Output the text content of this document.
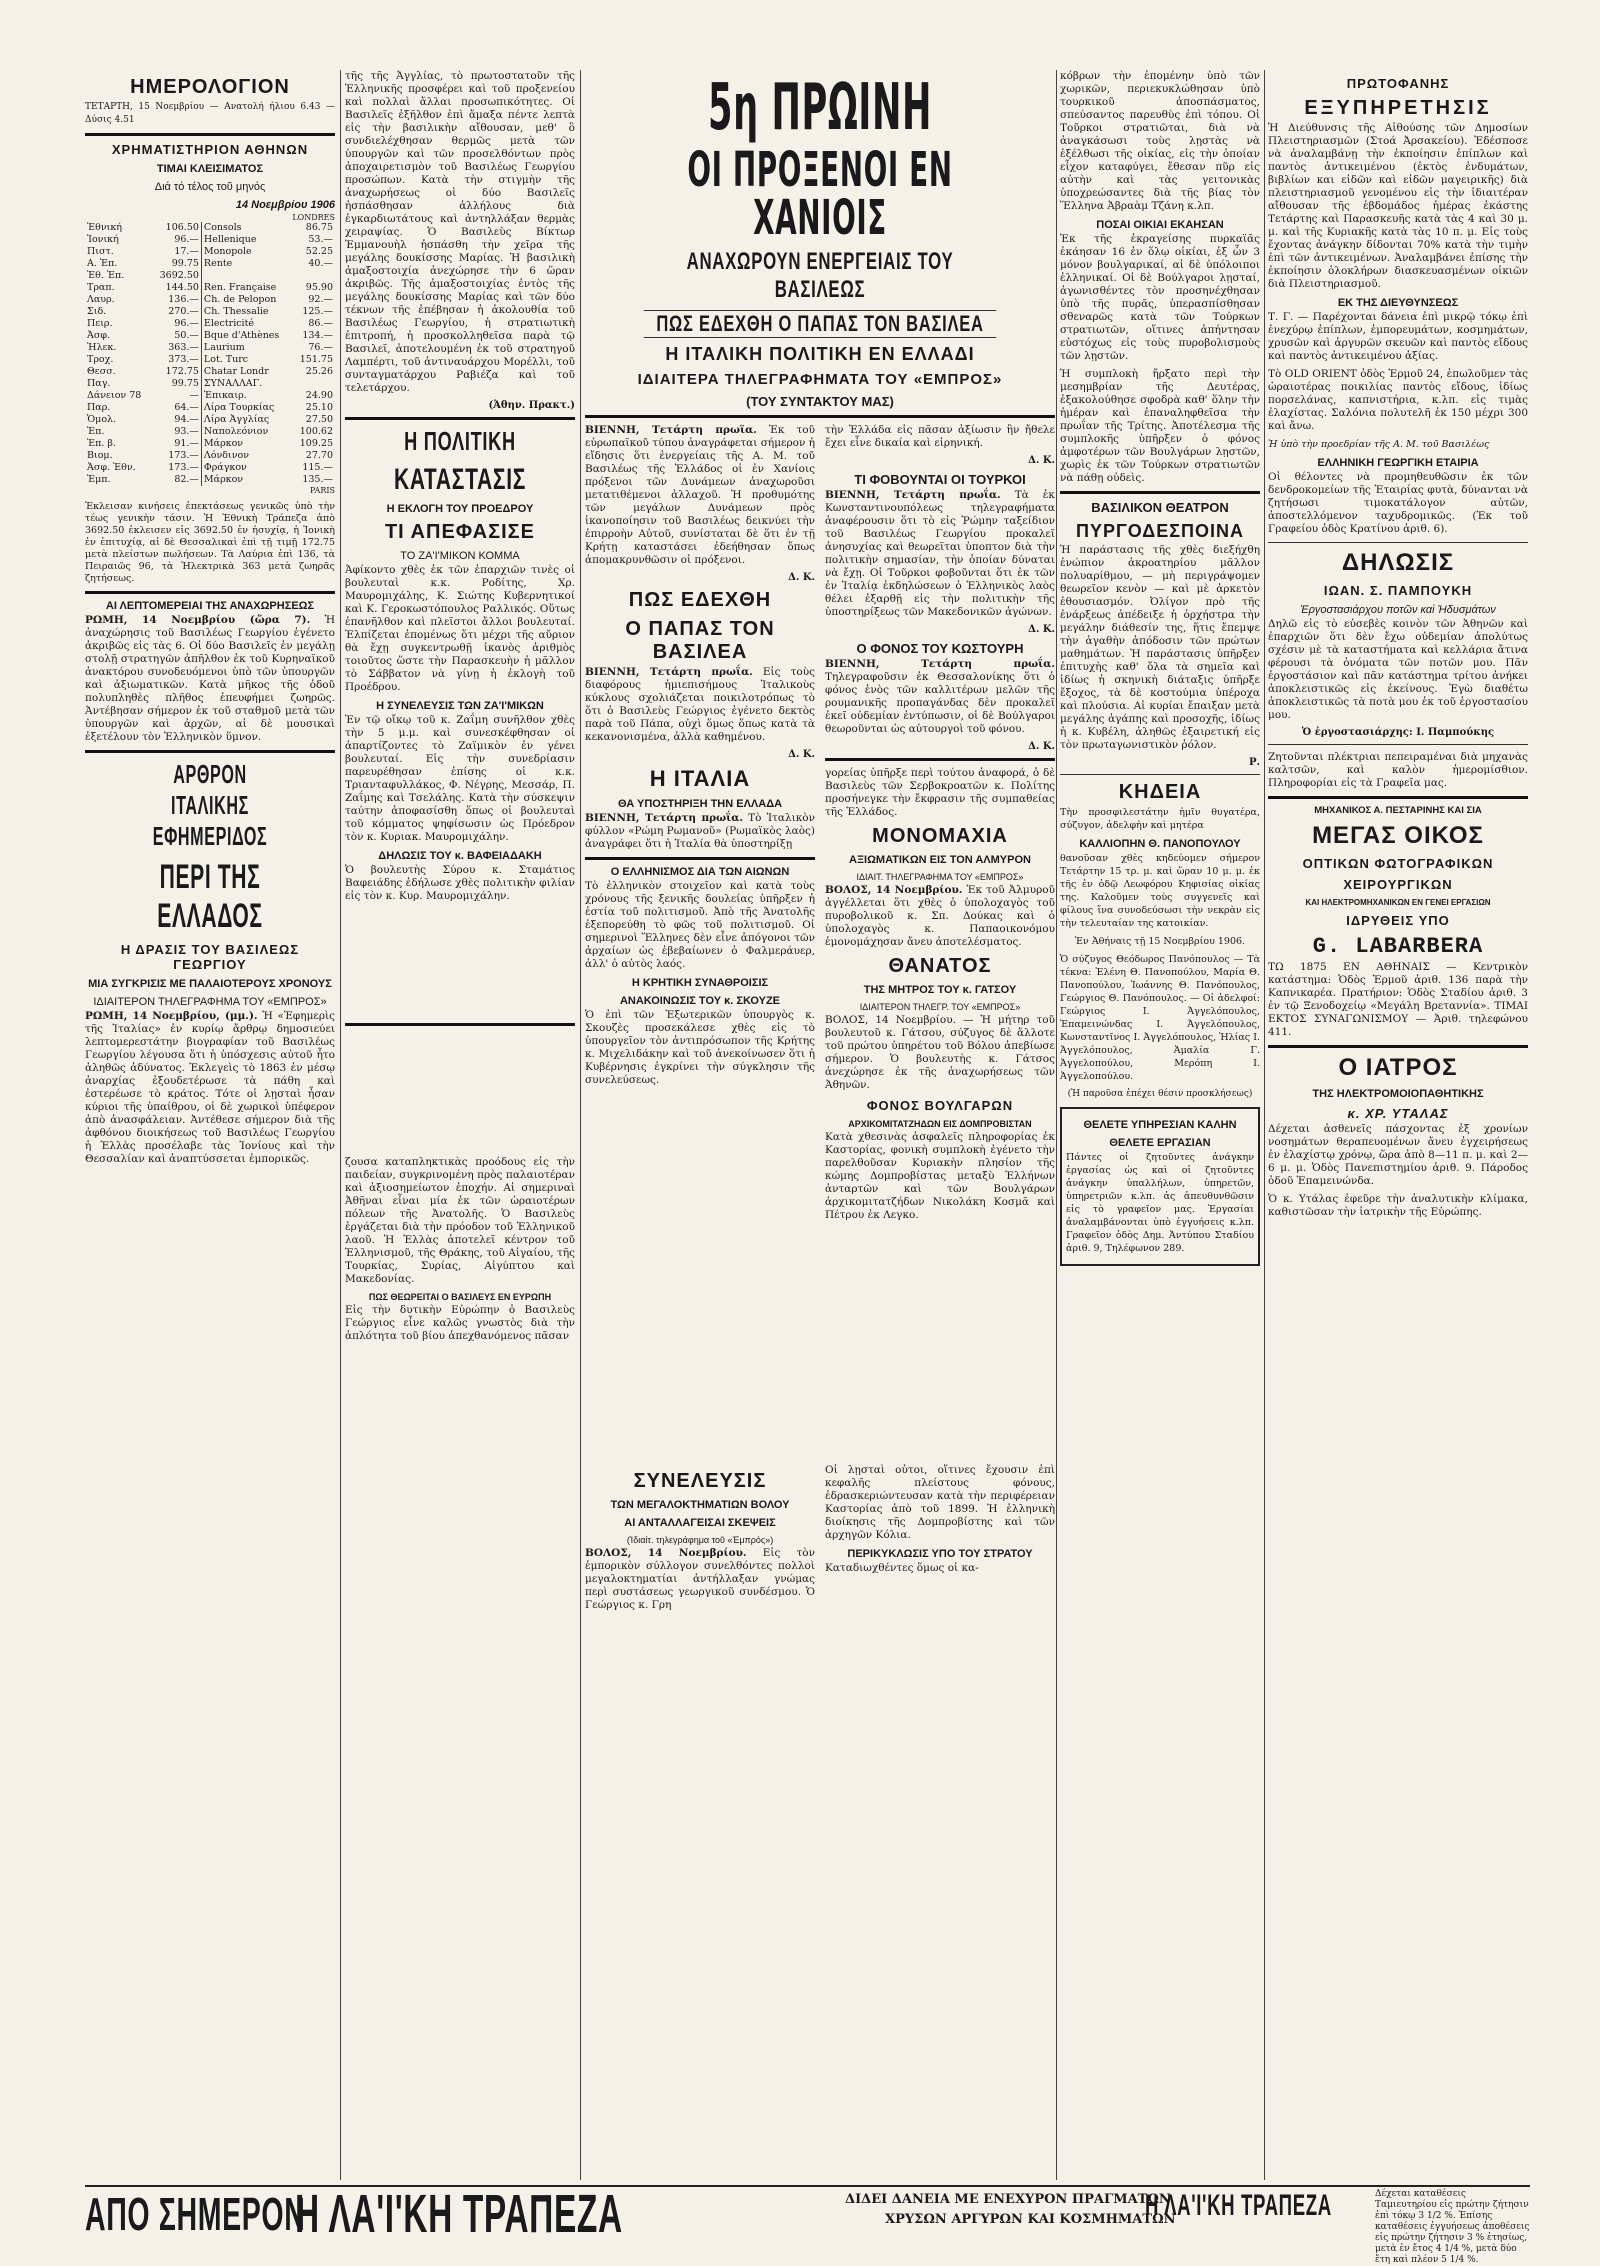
ΗΜΕΡΟΛΟΓΙΟΝ

ΤΕΤΑΡΤΗ, 15 Νοεμβρίου — Ανατολή ήλιου 6.43 — Δύσις 4.51

ΧΡΗΜΑΤΙΣΤΗΡΙΟΝ ΑΘΗΝΩΝ
ΤΙΜΑΙ ΚΛΕΙΣΙΜΑΤΟΣ
Διά τό τέλος τοῦ μηνός
14 Νοεμβρίου 1906
LONDRES
Ἐθνική	106.50	Consols	86.75
Ἰονική	96.—	Hellenique	53.—
Πιστ.	17.—	Monopole	52.25
Α. Ἐπ.	99.75	Rente	40.—
Ἐθ. Ἐπ.	3692.50		
Τραπ.	144.50	Ren. Française	95.90
Λαυρ.	136.—	Ch. de Pelopon	92.—
Σιδ.	270.—	Ch. Thessalie	125.—
Πειρ.	96.—	Electricité	86.—
Ἀσφ.	50.—	Bque d'Athènes	134.—
Ἠλεκ.	363.—	Laurium	76.—
Τροχ.	373.—	Lot. Turc	151.75
Θεσσ.	172.75	Chatar Londr	25.26
Παγ.	99.75	ΣΥΝΑΛΛΑΓ.	
Δάνειον 78	—	Ἐπικαιρ.	24.90
Παρ.	64.—	Λίρα Τουρκίας	25.10
Ὁμολ.	94.—	Λίρα Ἀγγλίας	27.50
Ἐπ.	93.—	Ναπολεόνιον	100.62
Ἐπ. β.	91.—	Μάρκον	109.25
Βιομ.	173.—	Λόνδινον	27.70
Ἀσφ. Ἐθν.	173.—	Φράγκον	115.—
Ἐμπ.	82.—	Μάρκον	135.—
PARIS

Ἐκλεισαν κινήσεις ἐπεκτάσεως γενικῶς ὑπὸ τὴν τέως γενικὴν τάσιν. Ἡ Ἐθνικὴ Τράπεζα ἀπὸ 3692.50 ἐκλεισεν εἰς 3692.50 ἐν ἡσυχίᾳ, ἡ Ἰονικὴ ἐν ἐπιτυχίᾳ, αἱ δὲ Θεσσαλικαὶ ἐπὶ τῇ τιμῇ 172.75 μετὰ πλείστων πωλήσεων. Τὰ Λαύρια ἐπὶ 136, τὰ Πειραιῶς 96, τὰ Ἠλεκτρικὰ 363 μετὰ ζωηρᾶς ζητήσεως.

ΑΙ ΛΕΠΤΟΜΕΡΕΙΑΙ ΤΗΣ ΑΝΑΧΩΡΗΣΕΩΣ

ΡΩΜΗ, 14 Νοεμβρίου (ὥρα 7). Ἡ ἀναχώρησις τοῦ Βασιλέως Γεωργίου ἐγένετο ἀκριβῶς εἰς τὰς 6. Οἱ δύο Βασιλεῖς ἐν μεγάλῃ στολῇ στρατηγῶν ἀπῆλθον ἐκ τοῦ Κυρηναϊκοῦ ἀνακτόρου συνοδευόμενοι ὑπὸ τῶν ὑπουργῶν καὶ ἀξιωματικῶν. Κατὰ μῆκος τῆς ὁδοῦ πολυπληθὲς πλῆθος ἐπευφήμει ζωηρῶς. Ἀντέβησαν σήμερον ἐκ τοῦ σταθμοῦ μετὰ τῶν ὑπουργῶν καὶ ἀρχῶν, αἱ δὲ μουσικαὶ ἐξετέλουν τὸν Ἑλληνικὸν ὕμνον.

ΑΡΘΡΟΝ ΙΤΑΛΙΚΗΣ ΕΦΗΜΕΡΙΔΟΣ
ΠΕΡΙ ΤΗΣ ΕΛΛΑΔΟΣ
Η ΔΡΑΣΙΣ ΤΟΥ ΒΑΣΙΛΕΩΣ ΓΕΩΡΓΙΟΥ
ΜΙΑ ΣΥΓΚΡΙΣΙΣ ΜΕ ΠΑΛΑΙΟΤΕΡΟΥΣ ΧΡΟΝΟΥΣ
ΙΔΙΑΙΤΕΡΟΝ ΤΗΛΕΓΡΑΦΗΜΑ ΤΟΥ «ΕΜΠΡΟΣ»

ΡΩΜΗ, 14 Νοεμβρίου, (μμ.). Ἡ «Ἐφημερὶς τῆς Ἰταλίας» ἐν κυρίῳ ἄρθρῳ δημοσιεύει λεπτομερεστάτην βιογραφίαν τοῦ Βασιλέως Γεωργίου λέγουσα ὅτι ἡ ὑπόσχεσις αὐτοῦ ἦτο ἀληθῶς ἀδύνατος. Ἐκλεγεὶς τὸ 1863 ἐν μέσῳ ἀναρχίας ἐξουδετέρωσε τὰ πάθη καὶ ἐστερέωσε τὸ κράτος. Τότε οἱ λῃσταὶ ἦσαν κύριοι τῆς ὑπαίθρου, οἱ δὲ χωρικοὶ ὑπέφερον ἀπὸ ἀνασφάλειαν. Ἀντέθεσε σήμερον διὰ τῆς ἀφθόνου διοικήσεως τοῦ Βασιλέως Γεωργίου ἡ Ἑλλὰς προσέλαβε τὰς Ἰονίους καὶ τὴν Θεσσαλίαν καὶ ἀναπτύσσεται ἐμπορικῶς.

τῆς τῆς Ἀγγλίας, τὸ πρωτοστατοῦν τῆς Ἑλληνικῆς προσφέρει καὶ τοῦ προξενείου καὶ πολλαὶ ἄλλαι προσωπικότητες. Οἱ Βασιλεῖς ἐξῆλθον ἐπὶ ἅμαξα πέντε λεπτὰ εἰς τὴν βασιλικὴν αἴθουσαν, μεθ' ὃ συνδιελέχθησαν θερμῶς μετὰ τῶν ὑπουργῶν καὶ τῶν προσελθόντων πρὸς ἀποχαιρετισμὸν τοῦ Βασιλέως Γεωργίου προσώπων. Κατὰ τὴν στιγμὴν τῆς ἀναχωρήσεως οἱ δύο Βασιλεῖς ἠσπάσθησαν ἀλλήλους διὰ ἐγκαρδιωτάτους καὶ ἀντηλλάξαν θερμὰς χειραψίας. Ὁ Βασιλεὺς Βίκτωρ Ἐμμανουὴλ ἠσπάσθη τὴν χεῖρα τῆς μεγάλης δουκίσσης Μαρίας. Ἡ βασιλικὴ ἀμαξοστοιχία ἀνεχώρησε τὴν 6 ὥραν ἀκριβῶς. Τῆς ἀμαξοστοιχίας ἐντὸς τῆς μεγάλης δουκίσσης Μαρίας καὶ τῶν δύο τέκνων τῆς ἐπέβησαν ἡ ἀκολουθία τοῦ Βασιλέως Γεωργίου, ἡ στρατιωτικὴ ἐπιτροπή, ἡ προσκολληθεῖσα παρὰ τῷ Βασιλεῖ, ἀποτελουμένη ἐκ τοῦ στρατηγοῦ Λαμπέρτι, τοῦ ἀντιναυάρχου Μορέλλι, τοῦ συνταγματάρχου Ραβιέζα καὶ τοῦ τελετάρχου.

(Ἀθην. Πρακτ.)

Η ΠΟΛΙΤΙΚΗ
ΚΑΤΑΣΤΑΣΙΣ
Η ΕΚΛΟΓΗ ΤΟΥ ΠΡΟΕΔΡΟΥ
ΤΙ ΑΠΕΦΑΣΙΣΕ
ΤΟ ΖΑ'Ι'ΜΙΚΟΝ ΚΟΜΜΑ

Ἀφίκοντο χθὲς ἐκ τῶν ἐπαρχιῶν τινὲς οἱ βουλευταὶ κ.κ. Ροδίτης, Χρ. Μαυρομιχάλης, Κ. Σιώτης Κυβερνητικοί καὶ Κ. Γεροκωστόπουλος Ραλλικός. Οὕτως ἐπανῆλθον καὶ πλεῖστοι ἄλλοι βουλευταί. Ἐλπίζεται ἐπομένως ὅτι μέχρι τῆς αὔριον θὰ ἔχῃ συγκεντρωθῇ ἱκανὸς ἀριθμὸς τοιοῦτος ὥστε τὴν Παρασκευὴν ἡ μᾶλλον τὸ Σάββατον νὰ γίνῃ ἡ ἐκλογὴ τοῦ Προέδρου.

Η ΣΥΝΕΛΕΥΣΙΣ ΤΩΝ ΖΑ'Ι'ΜΙΚΩΝ

Ἐν τῷ οἴκῳ τοῦ κ. Ζαΐμη συνῆλθον χθὲς τὴν 5 μ.μ. καὶ συνεσκέφθησαν οἱ ἀπαρτίζοντες τὸ Ζαϊμικὸν ἐν γένει βουλευταί. Εἰς τὴν συνεδρίασιν παρευρέθησαν ἐπίσης οἱ κ.κ. Τριανταφυλλάκος, Φ. Νέγρης, Μεσσάρ, Π. Ζαΐμης καὶ Τσελάλης. Κατὰ τὴν σύσκεψιν ταύτην ἀποφασίσθη ὅπως οἱ βουλευταὶ τοῦ κόμματος ψηφίσωσιν ὡς Πρόεδρον τὸν κ. Κυριακ. Μαυρομιχάλην.

ΔΗΛΩΣΙΣ ΤΟΥ κ. ΒΑΦΕΙΑΔΑΚΗ

Ὁ βουλευτὴς Σύρου κ. Σταμάτιος Βαφειάδης ἐδήλωσε χθὲς πολιτικὴν φιλίαν εἰς τὸν κ. Κυρ. Μαυρομιχάλην.

ζουσα καταπληκτικὰς προόδους εἰς τὴν παιδείαν, συγκρινομένη πρὸς παλαιοτέραν καὶ ἀξιοσημείωτον ἐποχήν. Αἱ σημεριναὶ Ἀθῆναι εἶναι μία ἐκ τῶν ὡραιοτέρων πόλεων τῆς Ἀνατολῆς. Ὁ Βασιλεὺς ἐργάζεται διὰ τὴν πρόοδον τοῦ Ἑλληνικοῦ λαοῦ. Ἡ Ἑλλὰς ἀποτελεῖ κέντρον τοῦ Ἑλληνισμοῦ, τῆς Θράκης, τοῦ Αἰγαίου, τῆς Τουρκίας, Συρίας, Αἰγύπτου καὶ Μακεδονίας.

ΠΩΣ ΘΕΩΡΕΙΤΑΙ Ο ΒΑΣΙΛΕΥΣ ΕΝ ΕΥΡΩΠΗ

Εἰς τὴν δυτικὴν Εὐρώπην ὁ Βασιλεὺς Γεώργιος εἶνε καλῶς γνωστὸς διὰ τὴν ἁπλότητα τοῦ βίου ἀπεχθανόμενος πᾶσαν

5η ΠΡΩΙΝΗ
ΟΙ ΠΡΟΞΕΝΟΙ ΕΝ ΧΑΝΙΟΙΣ
ΑΝΑΧΩΡΟΥΝ ΕΝΕΡΓΕΙΑΙΣ ΤΟΥ ΒΑΣΙΛΕΩΣ
ΠΩΣ ΕΔΕΧΘΗ Ο ΠΑΠΑΣ ΤΟΝ ΒΑΣΙΛΕΑ
Η ΙΤΑΛΙΚΗ ΠΟΛΙΤΙΚΗ ΕΝ ΕΛΛΑΔΙ
ΙΔΙΑΙΤΕΡΑ ΤΗΛΕΓΡΑΦΗΜΑΤΑ ΤΟΥ «ΕΜΠΡΟΣ»
(ΤΟΥ ΣΥΝΤΑΚΤΟΥ ΜΑΣ)

ΒΙΕΝΝΗ, Τετάρτη πρωΐα. Ἐκ τοῦ εὐρωπαϊκοῦ τύπου ἀναγράφεται σήμερον ἡ εἴδησις ὅτι ἐνεργείαις τῆς Α. Μ. τοῦ Βασιλέως τῆς Ἑλλάδος οἱ ἐν Χανίοις πρόξενοι τῶν Δυνάμεων ἀναχωροῦσι μετατιθέμενοι ἀλλαχοῦ. Ἡ προθυμότης τῶν μεγάλων Δυνάμεων πρὸς ἱκανοποίησιν τοῦ Βασιλέως δεικνύει τὴν ἐπιρροὴν Αὐτοῦ, συνίσταται δὲ ὅτι ἐν τῇ Κρήτῃ καταστάσει ἐδεήθησαν ὅπως ἀπομακρυνθῶσιν οἱ πρόξενοι.

Δ. Κ.

ΠΩΣ ΕΔΕΧΘΗ
Ο ΠΑΠΑΣ ΤΟΝ ΒΑΣΙΛΕΑ

ΒΙΕΝΝΗ, Τετάρτη πρωΐα. Εἰς τοὺς διαφόρους ἡμιεπισήμους Ἰταλικοὺς κύκλους σχολιάζεται ποικιλοτρόπως τὸ ὅτι ὁ Βασιλεὺς Γεώργιος ἐγένετο δεκτὸς παρὰ τοῦ Πάπα, οὐχὶ ὅμως ὅπως κατὰ τὰ κεκανονισμένα, ἀλλὰ καθημένου.

Δ. Κ.

Η ΙΤΑΛΙΑ
ΘΑ ΥΠΟΣΤΗΡΙΞΗ ΤΗΝ ΕΛΛΑΔΑ

ΒΙΕΝΝΗ, Τετάρτη πρωΐα. Τὸ Ἰταλικὸν φύλλον «Ρώμη Ρωμανοῦ» (Ρωμαϊκὸς λαὸς) ἀναγράφει ὅτι ἡ Ἰταλία θὰ ὑποστηρίξῃ

Ο ΕΛΛΗΝΙΣΜΟΣ ΔΙΑ ΤΩΝ ΑΙΩΝΩΝ

Τὸ ἑλληνικὸν στοιχεῖον καὶ κατὰ τοὺς χρόνους τῆς ξενικῆς δουλείας ὑπῆρξεν ἡ ἑστία τοῦ πολιτισμοῦ. Ἀπὸ τῆς Ἀνατολῆς ἐξεπορεύθη τὸ φῶς τοῦ πολιτισμοῦ. Οἱ σημερινοὶ Ἕλληνες δὲν εἶνε ἀπόγονοι τῶν ἀρχαίων ὡς ἐβεβαίωνεν ὁ Φαλμεράυερ, ἀλλ' ὁ αὐτὸς λαός.

Η ΚΡΗΤΙΚΗ ΣΥΝΑΘΡΟΙΣΙΣ
ΑΝΑΚΟΙΝΩΣΙΣ ΤΟΥ κ. ΣΚΟΥΖΕ

Ὁ ἐπὶ τῶν Ἐξωτερικῶν ὑπουργὸς κ. Σκουζὲς προσεκάλεσε χθὲς εἰς τὸ ὑπουργεῖον τὸν ἀντιπρόσωπον τῆς Κρήτης κ. Μιχελιδάκην καὶ τοῦ ἀνεκοίνωσεν ὅτι ἡ Κυβέρνησις ἐγκρίνει τὴν σύγκλησιν τῆς συνελεύσεως.

τὴν Ἑλλάδα εἰς πᾶσαν ἀξίωσιν ἣν ἤθελε ἔχει εἶνε δικαία καὶ εἰρηνική.

Δ. Κ.

ΤΙ ΦΟΒΟΥΝΤΑΙ ΟΙ ΤΟΥΡΚΟΙ

ΒΙΕΝΝΗ, Τετάρτη πρωΐα. Τὰ ἐκ Κωνσταντινουπόλεως τηλεγραφήματα ἀναφέρουσιν ὅτι τὸ εἰς Ῥώμην ταξείδιον τοῦ Βασιλέως Γεωργίου προκαλεῖ ἀνησυχίας καὶ θεωρεῖται ὑποπτον διὰ τὴν πολιτικὴν σημασίαν, τὴν ὁποίαν δύναται νὰ ἔχῃ. Οἱ Τοῦρκοι φοβοῦνται ὅτι ἐκ τῶν ἐν Ἰταλίᾳ ἐκδηλώσεων ὁ Ἑλληνικὸς λαὸς θέλει ἐξαρθῇ εἰς τὴν πολιτικὴν τῆς ὑποστηρίξεως τῶν Μακεδονικῶν ἀγώνων.

Δ. Κ.

Ο ΦΟΝΟΣ ΤΟΥ ΚΩΣΤΟΥΡΗ

ΒΙΕΝΝΗ, Τετάρτη πρωΐα. Τηλεγραφοῦσιν ἐκ Θεσσαλονίκης ὅτι ὁ φόνος ἑνὸς τῶν καλλιτέρων μελῶν τῆς ρουμανικῆς προπαγάνδας δὲν προκαλεῖ ἐκεῖ οὐδεμίαν ἐντύπωσιν, οἱ δὲ Βούλγαροι θεωροῦνται ὡς αὐτουργοὶ τοῦ φόνου.

Δ. Κ.

γορείας ὑπῆρξε περὶ τούτου ἀναφορά, ὁ δὲ Βασιλεὺς τῶν Σερβοκροατῶν κ. Πολίτης προσήνεγκε τὴν ἔκφρασιν τῆς συμπαθείας τῆς Ἑλλάδος.

ΜΟΝΟΜΑΧΙΑ
ΑΞΙΩΜΑΤΙΚΩΝ ΕΙΣ ΤΟΝ ΑΛΜΥΡΟΝ
ΙΔΙΑΙΤ. ΤΗΛΕΓΡΑΦΗΜΑ ΤΟΥ «ΕΜΠΡΟΣ»

ΒΟΛΟΣ, 14 Νοεμβρίου. Ἐκ τοῦ Ἀλμυροῦ ἀγγέλλεται ὅτι χθὲς ὁ ὑπολοχαγὸς τοῦ πυροβολικοῦ κ. Σπ. Δούκας καὶ ὁ ὑπολοχαγὸς κ. Παπαοικονόμου ἐμονομάχησαν ἄνευ ἀποτελέσματος.

ΘΑΝΑΤΟΣ
ΤΗΣ ΜΗΤΡΟΣ ΤΟΥ κ. ΓΑΤΣΟΥ
ΙΔΙΑΙΤΕΡΟΝ ΤΗΛΕΓΡ. ΤΟΥ «ΕΜΠΡΟΣ»

ΒΟΛΟΣ, 14 Νοεμβρίου. — Ἡ μήτηρ τοῦ βουλευτοῦ κ. Γάτσου, σύζυγος δὲ ἄλλοτε τοῦ πρώτου ὑπηρέτου τοῦ Βόλου ἀπεβίωσε σήμερον. Ὁ βουλευτὴς κ. Γάτσος ἀνεχώρησε ἐκ τῆς ἀναχωρήσεως τῶν Ἀθηνῶν.

ΦΟΝΟΣ ΒΟΥΛΓΑΡΩΝ
ΑΡΧΙΚΟΜΙΤΑΤΖΗΔΩΝ ΕΙΣ ΔΟΜΠΡΟΒΙΣΤΑΝ

Κατὰ χθεσινὰς ἀσφαλεῖς πληροφορίας ἐκ Καστορίας, φονικὴ συμπλοκὴ ἐγένετο τὴν παρελθοῦσαν Κυριακὴν πλησίον τῆς κώμης Δομπροβίστας μεταξὺ Ἑλλήνων ἀνταρτῶν καὶ τῶν Βουλγάρων ἀρχικομιτατζήδων Νικολάκη Κοσμᾶ καὶ Πέτρου ἐκ Λεγκο.

ΣΥΝΕΛΕΥΣΙΣ
ΤΩΝ ΜΕΓΑΛΟΚΤΗΜΑΤΙΩΝ ΒΟΛΟΥ
ΑΙ ΑΝΤΑΛΛΑΓΕΙΣΑΙ ΣΚΕΨΕΙΣ
(Ἰδιαίτ. τηλεγράφημα τοῦ «Ἐμπρός»)

ΒΟΛΟΣ, 14 Νοεμβρίου. Εἰς τὸν ἐμπορικὸν σύλλογον συνελθόντες πολλοὶ μεγαλοκτηματίαι ἀντήλλαξαν γνώμας περὶ συστάσεως γεωργικοῦ συνδέσμου. Ὁ Γεώργιος κ. Γρη

Οἱ λῃσταὶ οὗτοι, οἵτινες ἔχουσιν ἐπὶ κεφαλῆς πλείστους φόνους, ἐδρασκεριώντευσαν κατὰ τὴν περιφέρειαν Καστορίας ἀπὸ τοῦ 1899. Ἡ ἑλληνικὴ διοίκησις τῆς Δομπροβίστης καὶ τῶν ἀρχηγῶν Κόλια.

ΠΕΡΙΚΥΚΛΩΣΙΣ ΥΠΟ ΤΟΥ ΣΤΡΑΤΟΥ

Καταδιωχθέντες ὅμως οἱ κα-

κόβρων τὴν ἐπομένην ὑπὸ τῶν χωρικῶν, περιεκυκλώθησαν ὑπὸ τουρκικοῦ ἀποσπάσματος, σπεύσαντος παρευθὺς ἐπὶ τόπου. Οἱ Τοῦρκοι στρατιῶται, διὰ νὰ ἀναγκάσωσι τοὺς λῃστὰς νὰ ἐξέλθωσι τῆς οἰκίας, εἰς τὴν ὁποίαν εἶχον καταφύγει, ἔθεσαν πῦρ εἰς αὐτὴν καὶ τὰς γειτονικὰς ὑποχρεώσαντες διὰ τῆς βίας τὸν Ἕλληνα Ἀβραὰμ Τζάνη κ.λπ.

ΠΟΣΑΙ ΟΙΚΙΑΙ ΕΚΑΗΣΑΝ

Ἐκ τῆς ἐκραγείσης πυρκαϊᾶς ἐκάησαν 16 ἐν ὅλῳ οἰκίαι, ἐξ ὧν 3 μόνον βουλγαρικαί, αἱ δὲ ὑπόλοιποι ἑλληνικαί. Οἱ δὲ Βούλγαροι λῃσταί, ἀγωνισθέντες τὸν προσηνέχθησαν ὑπὸ τῆς πυρᾶς, ὑπερασπίσθησαν σθεναρῶς κατὰ τῶν Τούρκων στρατιωτῶν, οἵτινες ἀπήντησαν εὐστόχως εἰς τοὺς πυροβολισμοὺς τῶν λῃστῶν.

Ἡ συμπλοκὴ ἤρξατο περὶ τὴν μεσημβρίαν τῆς Δευτέρας, ἐξακολούθησε σφοδρὰ καθ' ὅλην τὴν ἡμέραν καὶ ἐπαναληφθεῖσα τὴν πρωΐαν τῆς Τρίτης. Ἀποτέλεσμα τῆς συμπλοκῆς ὑπῆρξεν ὁ φόνος ἀμφοτέρων τῶν Βουλγάρων λῃστῶν, χωρὶς ἐκ τῶν Τούρκων στρατιωτῶν νὰ πάθῃ οὐδεὶς.

ΒΑΣΙΛΙΚΟΝ ΘΕΑΤΡΟΝ
ΠΥΡΓΟΔΕΣΠΟΙΝΑ

Ἡ παράστασις τῆς χθὲς διεξήχθη ἐνώπιον ἀκροατηρίου μᾶλλον πολυαρίθμου, — μὴ περιγράψομεν θεωρεῖον κενὸν — καὶ μὲ ἀρκετὸν ἐθουσιασμόν. Ὀλίγον πρὸ τῆς ἐνάρξεως ἀπέδειξε ἡ ὀρχήστρα τὴν μεγάλην διάθεσίν της, ἥτις ἔπεμψε τὴν ἀγαθὴν ἀπόδοσιν τῶν πρώτων μαθημάτων. Ἡ παράστασις ὑπῆρξεν ἐπιτυχὴς καθ' ὅλα τὰ σημεῖα καὶ ἰδίως ἡ σκηνικὴ διάταξις ὑπῆρξε ἔξοχος, τὰ δὲ κοστούμια ὑπέροχα καὶ πλούσια. Αἱ κυρίαι ἔπαιξαν μετὰ μεγάλης ἀγάπης καὶ προσοχῆς, ἰδίως ἡ κ. Κυβέλη, ἀληθῶς ἐξαιρετική εἰς τὸν πρωταγωνιστικὸν ῥόλον.

Ρ.

ΚΗΔΕΙΑ

Τὴν προσφιλεστάτην ἡμῖν θυγατέρα, σύζυγον, ἀδελφὴν καὶ μητέρα

ΚΑΛΛΙΟΠΗΝ Θ. ΠΑΝΟΠΟΥΛΟΥ

θανοῦσαν χθὲς κηδεύομεν σήμερον Τετάρτην 15 τρ. μ. καὶ ὥραν 10 μ. μ. ἐκ τῆς ἐν ὁδῷ Λεωφόρου Κηφισίας οἰκίας της. Καλοῦμεν τοὺς συγγενεῖς καὶ φίλους ἵνα συνοδεύσωσι τὴν νεκρὰν εἰς τὴν τελευταίαν της κατοικίαν.

Ἐν Ἀθήναις τῇ 15 Νοεμβρίου 1906.

Ὁ σύζυγος Θεόδωρος Πανόπουλος — Τὰ τέκνα: Ἑλένη Θ. Πανοπούλου, Μαρία Θ. Πανοπούλου, Ἰωάννης Θ. Πανόπουλος, Γεώργιος Θ. Πανόπουλος. — Οἱ ἀδελφοί: Γεώργιος Ι. Ἀγγελόπουλος, Ἐπαμεινώνδας Ι. Ἀγγελόπουλος, Κωνσταντῖνος Ι. Ἀγγελόπουλος, Ἠλίας Ι. Ἀγγελόπουλος, Ἀμαλία Γ. Ἀγγελοπούλου, Μερόπη Ι. Ἀγγελοπούλου.

(Ἡ παροῦσα ἐπέχει θέσιν προσκλήσεως)

ΘΕΛΕΤΕ ΥΠΗΡΕΣΙΑΝ ΚΑΛΗΝ
ΘΕΛΕΤΕ ΕΡΓΑΣΙΑΝ

Πάντες οἱ ζητοῦντες ἀνάγκην ἐργασίας ὡς καὶ οἱ ζητοῦντες ἀνάγκην ὑπαλλήλων, ὑπηρετῶν, ὑπηρετριῶν κ.λπ. ἀς ἀπευθυνθῶσιν εἰς τὸ γραφεῖον μας. Ἐργασίαι ἀναλαμβάνονται ὑπὸ ἐγγυήσεις κ.λπ. Γραφεῖον ὁδὸς Δημ. Ἀντύπου Σταδίου ἀριθ. 9, Τηλέφωνον 289.

ΠΡΩΤΟΦΑΝΗΣ
ΕΞΥΠΗΡΕΤΗΣΙΣ

Ἡ Διεύθυνσις τῆς Αἰθούσης τῶν Δημοσίων Πλειστηριασμῶν (Στοά Ἀρσακείου). Ἐδέσποσε νὰ ἀναλαμβάνῃ τὴν ἐκποίησιν ἐπίπλων καὶ παντὸς ἀντικειμένου (ἐκτὸς ἐνδυμάτων, βιβλίων και εἰδῶν καὶ εἰδῶν μαγειρικῆς) διὰ πλειστηριασμοῦ γενομένου εἰς τὴν ἰδιαιτέραν αἴθουσαν τῆς ἑβδομάδος ἡμέρας ἑκάστης Τετάρτης καὶ Παρασκευῆς κατὰ τὰς 4 καὶ 30 μ. μ. καὶ τῆς Κυριακῆς κατὰ τὰς 10 π. μ. Εἰς τοὺς ἔχοντας ἀνάγκην δίδονται 70% κατὰ τὴν τιμὴν ἐπὶ τῶν ἀντικειμένων. Ἀναλαμβάνει ἐπίσης τὴν ἐκποίησιν ὁλοκλήρων διασκευασμένων οἰκιῶν διὰ Πλειστηριασμοῦ.

ΕΚ ΤΗΣ ΔΙΕΥΘΥΝΣΕΩΣ

Τ. Γ. — Παρέχονται δάνεια ἐπὶ μικρῷ τόκῳ ἐπὶ ἐνεχύρῳ ἐπίπλων, ἐμπορευμάτων, κοσμημάτων, χρυσῶν καὶ ἀργυρῶν σκευῶν καὶ παντὸς εἴδους καὶ παντὸς ἀντικειμένου ἀξίας.

Τὸ OLD ORIENT ὁδὸς Ἑρμοῦ 24, ἐπωλοῦμεν τὰς ὡραιοτέρας ποικιλίας παντὸς εἴδους, ἰδίως πορσελάνας, καπνιστήρια, κ.λπ. εἰς τιμὰς ἐλαχίστας. Σαλόνια πολυτελῆ ἐκ 150 μέχρι 300 καὶ ἄνω.

Ἡ ὑπὸ τὴν προεδρίαν τῆς Α. Μ. τοῦ Βασιλέως

ΕΛΛΗΝΙΚΗ ΓΕΩΡΓΙΚΗ ΕΤΑΙΡΙΑ

Οἱ θέλοντες νὰ προμηθευθῶσιν ἐκ τῶν δενδροκομείων τῆς Ἑταιρίας φυτὰ, δύνανται νὰ ζητήσωσι τιμοκατάλογον αὐτῶν, ἀποστελλόμενον ταχυδρομικῶς. (Ἐκ τοῦ Γραφείου ὁδὸς Κρατίνου ἀριθ. 6).

ΔΗΛΩΣΙΣ
ΙΩΑΝ. Σ. ΠΑΜΠΟΥΚΗ
Ἐργοστασιάρχου ποτῶν καὶ Ἠδυσμάτων

Δηλῶ εἰς τὸ εὐσεβὲς κοινὸν τῶν Ἀθηνῶν καὶ ἐπαρχιῶν ὅτι δὲν ἔχω οὐδεμίαν ἀπολύτως σχέσιν μὲ τὰ καταστήματα καὶ κελλάρια ἄτινα φέρουσι τὰ ὀνόματα τῶν ποτῶν μου. Πᾶν ἐργοστάσιον καὶ πᾶν κατάστημα τρίτου ἀνήκει ἀποκλειστικῶς εἰς ἐκείνους. Ἐγὼ διαθέτω ἀποκλειστικῶς τὰ ποτὰ μου ἐκ τοῦ ἐργοστασίου μου.

Ὁ ἐργοστασιάρχης: Ι. Παμπούκης

Ζητοῦνται πλέκτριαι πεπειραμέναι διὰ μηχανὰς καλτσῶν, καὶ καλὸν ἡμερομίσθιον. Πληροφορίαι εἰς τὰ Γραφεῖα μας.

ΜΗΧΑΝΙΚΟΣ Α. ΠΕΣΤΑΡΙΝΗΣ ΚΑΙ ΣΙΑ
ΜΕΓΑΣ ΟΙΚΟΣ
ΟΠΤΙΚΩΝ ΦΩΤΟΓΡΑΦΙΚΩΝ
ΧΕΙΡΟΥΡΓΙΚΩΝ
ΚΑΙ ΗΛΕΚΤΡΟΜΗΧΑΝΙΚΩΝ ΕΝ ΓΕΝΕΙ ΕΡΓΑΣΙΩΝ
ΙΔΡΥΘΕΙΣ ΥΠΟ
G. LABARBERA

ΤΩ 1875 ΕΝ ΑΘΗΝΑΙΣ — Κεντρικὸν κατάστημα: Ὁδὸς Ἑρμοῦ ἀριθ. 136 παρὰ τὴν Καπνικαρέα. Πρατήριον: Ὁδὸς Σταδίου ἀριθ. 3 ἐν τῷ Ξενοδοχείῳ «Μεγάλη Βρεταννία». ΤΙΜΑΙ ΕΚΤΟΣ ΣΥΝΑΓΩΝΙΣΜΟΥ — Ἀριθ. τηλεφώνου 411.

Ο ΙΑΤΡΟΣ
ΤΗΣ ΗΛΕΚΤΡΟΜΟΙΟΠΑΘΗΤΙΚΗΣ
κ. ΧΡ. ΥΤΑΛΑΣ

Δέχεται ἀσθενεῖς πάσχοντας ἐξ χρονίων νοσημάτων θεραπευομένων ἄνευ ἐγχειρήσεως ἐν ἑλαχίστῳ χρόνῳ, ὥρα ἀπὸ 8—11 π. μ. καὶ 2—6 μ. μ. Ὁδὸς Πανεπιστημίου ἀριθ. 9. Πάροδος ὁδοῦ Ἐπαμεινώνδα.

Ὁ κ. Υτάλας ἐφεῦρε τὴν ἀναλυτικὴν κλίμακα, καθιστῶσαν τὴν ἰατρικὴν τῆς Εὐρώπης.

ΑΠΟ ΣΗΜΕΡΟΝ
Η ΛΑ'Ι'ΚΗ ΤΡΑΠΕΖΑ	ΔΙΔΕΙ ΔΑΝΕΙΑ ΜΕ ΕΝΕΧΥΡΟΝ ΠΡΑΓΜΑΤΩΝ
ΧΡΥΣΩΝ ΑΡΓΥΡΩΝ ΚΑΙ ΚΟΣΜΗΜΑΤΩΝ
Η ΛΑ'Ι'ΚΗ ΤΡΑΠΕΖΑ	Δέχεται καταθέσεις Ταμιευτηρίου εἰς πρώτην ζήτησιν ἐπὶ τόκῳ 3 1/2 %. Ἐπίσης καταθέσεις ἐγγυήσεως ἀποθέσεις εἰς πρώτην ζήτησιν 3 % ἐτησίως, μετὰ ἐν ἔτος 4 1/4 %, μετὰ δύο ἔτη καὶ πλέον 5 1/4 %.
